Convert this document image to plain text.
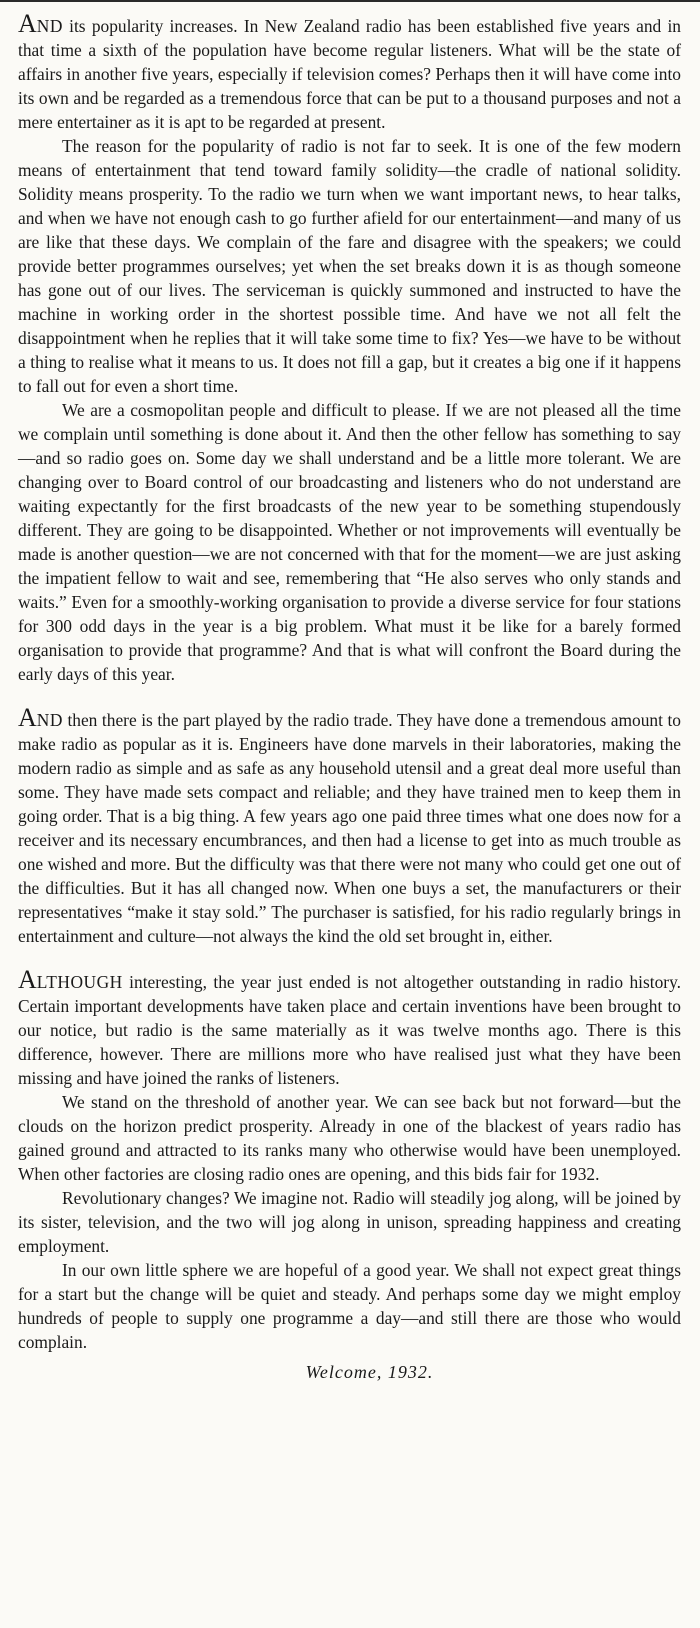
AND its popularity increases. In New Zealand radio has been established five years and in that time a sixth of the population have become regular listeners. What will be the state of affairs in another five years, especially if television comes? Perhaps then it will have come into its own and be regarded as a tremendous force that can be put to a thousand purposes and not a mere entertainer as it is apt to be regarded at present.

The reason for the popularity of radio is not far to seek. It is one of the few modern means of entertainment that tend toward family solidity—the cradle of national solidity. Solidity means prosperity. To the radio we turn when we want important news, to hear talks, and when we have not enough cash to go further afield for our entertainment—and many of us are like that these days. We complain of the fare and disagree with the speakers; we could provide better programmes ourselves; yet when the set breaks down it is as though someone has gone out of our lives. The serviceman is quickly summoned and instructed to have the machine in working order in the shortest possible time. And have we not all felt the disappointment when he replies that it will take some time to fix? Yes—we have to be without a thing to realise what it means to us. It does not fill a gap, but it creates a big one if it happens to fall out for even a short time.

We are a cosmopolitan people and difficult to please. If we are not pleased all the time we complain until something is done about it. And then the other fellow has something to say—and so radio goes on. Some day we shall understand and be a little more tolerant. We are changing over to Board control of our broadcasting and listeners who do not understand are waiting expectantly for the first broadcasts of the new year to be something stupendously different. They are going to be disappointed. Whether or not improvements will eventually be made is another question—we are not concerned with that for the moment—we are just asking the impatient fellow to wait and see, remembering that “He also serves who only stands and waits.” Even for a smoothly-working organisation to provide a diverse service for four stations for 300 odd days in the year is a big problem. What must it be like for a barely formed organisation to provide that programme? And that is what will confront the Board during the early days of this year.

AND then there is the part played by the radio trade. They have done a tremendous amount to make radio as popular as it is. Engineers have done marvels in their laboratories, making the modern radio as simple and as safe as any household utensil and a great deal more useful than some. They have made sets compact and reliable; and they have trained men to keep them in going order. That is a big thing. A few years ago one paid three times what one does now for a receiver and its necessary encumbrances, and then had a license to get into as much trouble as one wished and more. But the difficulty was that there were not many who could get one out of the difficulties. But it has all changed now. When one buys a set, the manufacturers or their representatives “make it stay sold.” The purchaser is satisfied, for his radio regularly brings in entertainment and culture—not always the kind the old set brought in, either.

ALTHOUGH interesting, the year just ended is not altogether outstanding in radio history. Certain important developments have taken place and certain inventions have been brought to our notice, but radio is the same materially as it was twelve months ago. There is this difference, however. There are millions more who have realised just what they have been missing and have joined the ranks of listeners.

We stand on the threshold of another year. We can see back but not forward—but the clouds on the horizon predict prosperity. Already in one of the blackest of years radio has gained ground and attracted to its ranks many who otherwise would have been unemployed. When other factories are closing radio ones are opening, and this bids fair for 1932.

Revolutionary changes? We imagine not. Radio will steadily jog along, will be joined by its sister, television, and the two will jog along in unison, spreading happiness and creating employment.

In our own little sphere we are hopeful of a good year. We shall not expect great things for a start but the change will be quiet and steady. And perhaps some day we might employ hundreds of people to supply one programme a day—and still there are those who would complain.

Welcome, 1932.
